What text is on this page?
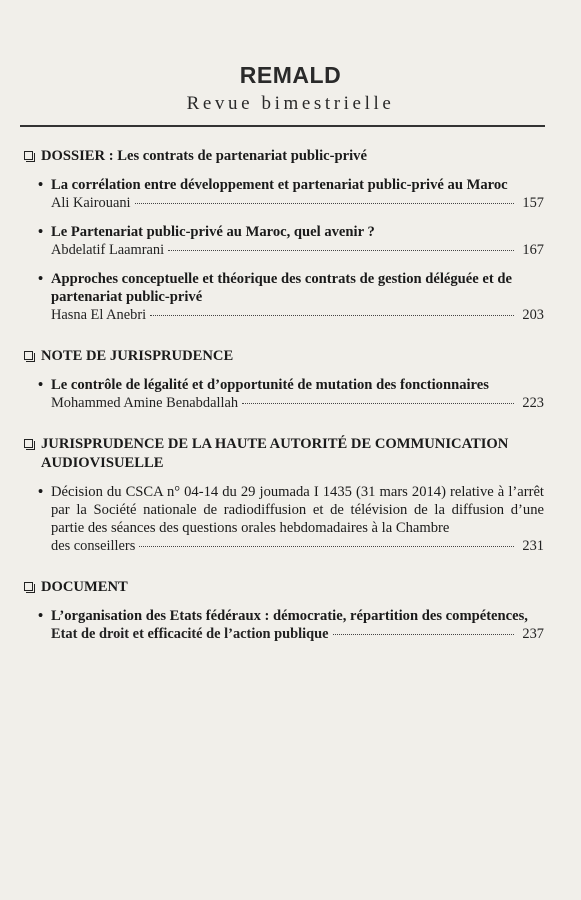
REMALD
Revue bimestrielle
DOSSIER : Les contrats de partenariat public-privé
• La corrélation entre développement et partenariat public-privé au Maroc
Ali Kairouani	157
• Le Partenariat public-privé au Maroc, quel avenir ?
Abdelatif Laamrani	167
• Approches conceptuelle et théorique des contrats de gestion déléguée et de partenariat public-privé
Hasna El Anebri	203
NOTE DE JURISPRUDENCE
• Le contrôle de légalité et d’opportunité de mutation des fonctionnaires
Mohammed Amine Benabdallah	223
JURISPRUDENCE DE LA HAUTE AUTORITÉ DE COMMUNICATION AUDIOVISUELLE
• Décision du CSCA n° 04-14 du 29 joumada I 1435 (31 mars 2014) relative à l’arrêt par la Société nationale de radiodiffusion et de télévision de la diffusion d’une partie des séances des questions orales hebdomadaires à la Chambre
des conseillers	231
DOCUMENT
• L’organisation des Etats fédéraux : démocratie, répartition des compétences,
Etat de droit et efficacité de l’action publique	237
